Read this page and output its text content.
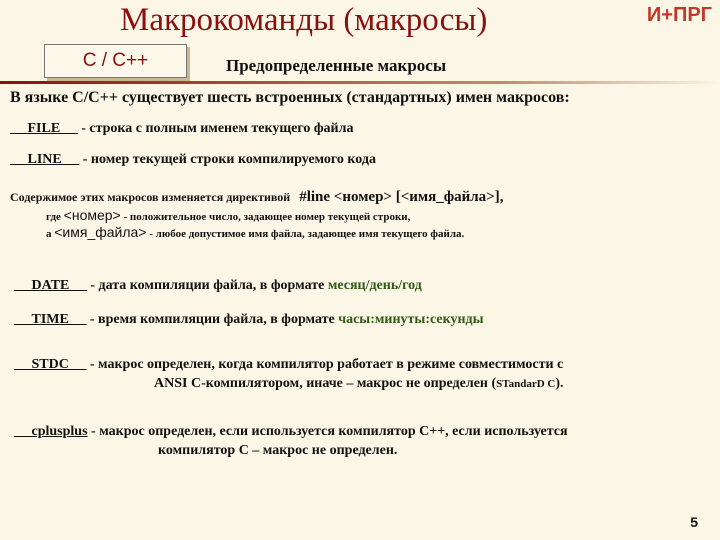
Макрокоманды (макросы)	И+ПРГ
C / C++	Предопределенные макросы
В языке С/С++ существует шесть встроенных (стандартных) имен макросов:
_ _FILE_ _ - строка с полным именем текущего файла
_ _LINE_ _ - номер текущей строки компилируемого кода
Содержимое этих макросов изменяется директивой #line <номер> [<имя_файла>],
где <номер> - положительное число, задающее номер текущей строки,
а <имя_файла> - любое допустимое имя файла, задающее имя текущего файла.
_ _DATE_ _ - дата компиляции файла, в формате месяц/день/год
_ _TIME_ _ - время компиляции файла, в формате часы:минуты:секунды
_ _STDC_ _ - макрос определен, когда компилятор работает в режиме совместимости с
ANSI С-компилятором, иначе – макрос не определен (STandarD C).
_ _cplusplus - макрос определен, если используется компилятор С++, если используется
компилятор С – макрос не определен.
5
